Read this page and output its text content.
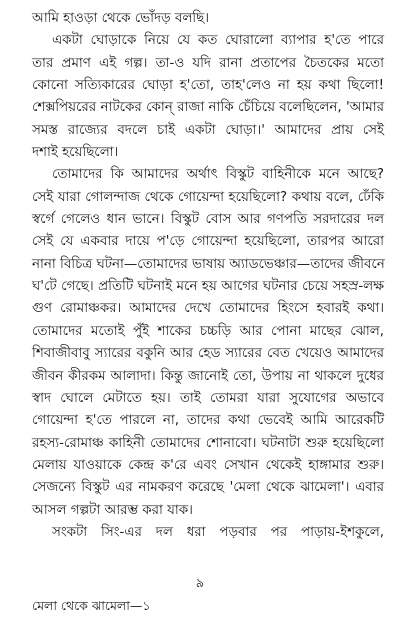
আমি হাওড়া থেকে ভোঁদড় বলছি।
একটা ঘোড়াকে নিয়ে যে কত ঘোরালো ব্যাপার হ'তে পারে
তার প্রমাণ এই গল্প। তা-ও যদি রানা প্রতাপের চৈতকের মতো
কোনো সত্যিকারের ঘোড়া হ'তো, তাহ'লেও না হয় কথা ছিলো!
শেক্সপিয়রের নাটকের কোন্ রাজা নাকি চেঁচিয়ে বলেছিলেন, 'আমার
সমস্ত রাজ্যের বদলে চাই একটা ঘোড়া।' আমাদের প্রায় সেই
দশাই হয়েছিলো।
তোমাদের কি আমাদের অর্থাৎ বিস্কুট বাহিনীকে মনে আছে?
সেই যারা গোলন্দাজ থেকে গোয়েন্দা হয়েছিলো? কথায় বলে, ঢেঁকি
স্বর্গে গেলেও ধান ভানে। বিস্কুট বোস আর গণপতি সরদারের দল
সেই যে একবার দায়ে প'ড়ে গোয়েন্দা হয়েছিলো, তারপর আরো
নানা বিচিত্র ঘটনা—তোমাদের ভাষায় অ্যাডভেঞ্চার—তাদের জীবনে
ঘ'টে গেছে। প্রতিটি ঘটনাই মনে হয় আগের ঘটনার চেয়ে সহস্র-লক্ষ
গুণ রোমাঞ্চকর। আমাদের দেখে তোমাদের হিংসে হবারই কথা।
তোমাদের মতোই পুঁই শাকের চচ্চড়ি আর পোনা মাছের ঝোল,
শিবাজীবাবু স্যারের বকুনি আর হেড স্যারের বেত খেয়েও আমাদের
জীবন কীরকম আলাদা। কিন্তু জানোই তো, উপায় না থাকলে দুধের
স্বাদ ঘোলে মেটাতে হয়। তাই তোমরা যারা সুযোগের অভাবে
গোয়েন্দা হ'তে পারলে না, তাদের কথা ভেবেই আমি আরেকটি
রহস্য-রোমাঞ্চ কাহিনী তোমাদের শোনাবো। ঘটনাটা শুরু হয়েছিলো
মেলায় যাওয়াকে কেন্দ্র ক'রে এবং সেখান থেকেই হাঙ্গামার শুরু।
সেজন্যে বিস্কুট এর নামকরণ করেছে 'মেলা থেকে ঝামেলা'। এবার
আসল গল্পটা আরম্ভ করা যাক।
সংকটা সিং-এর দল ধরা পড়বার পর পাড়ায়-ইশকুলে,
৯
মেলা থেকে ঝামেলা—১
